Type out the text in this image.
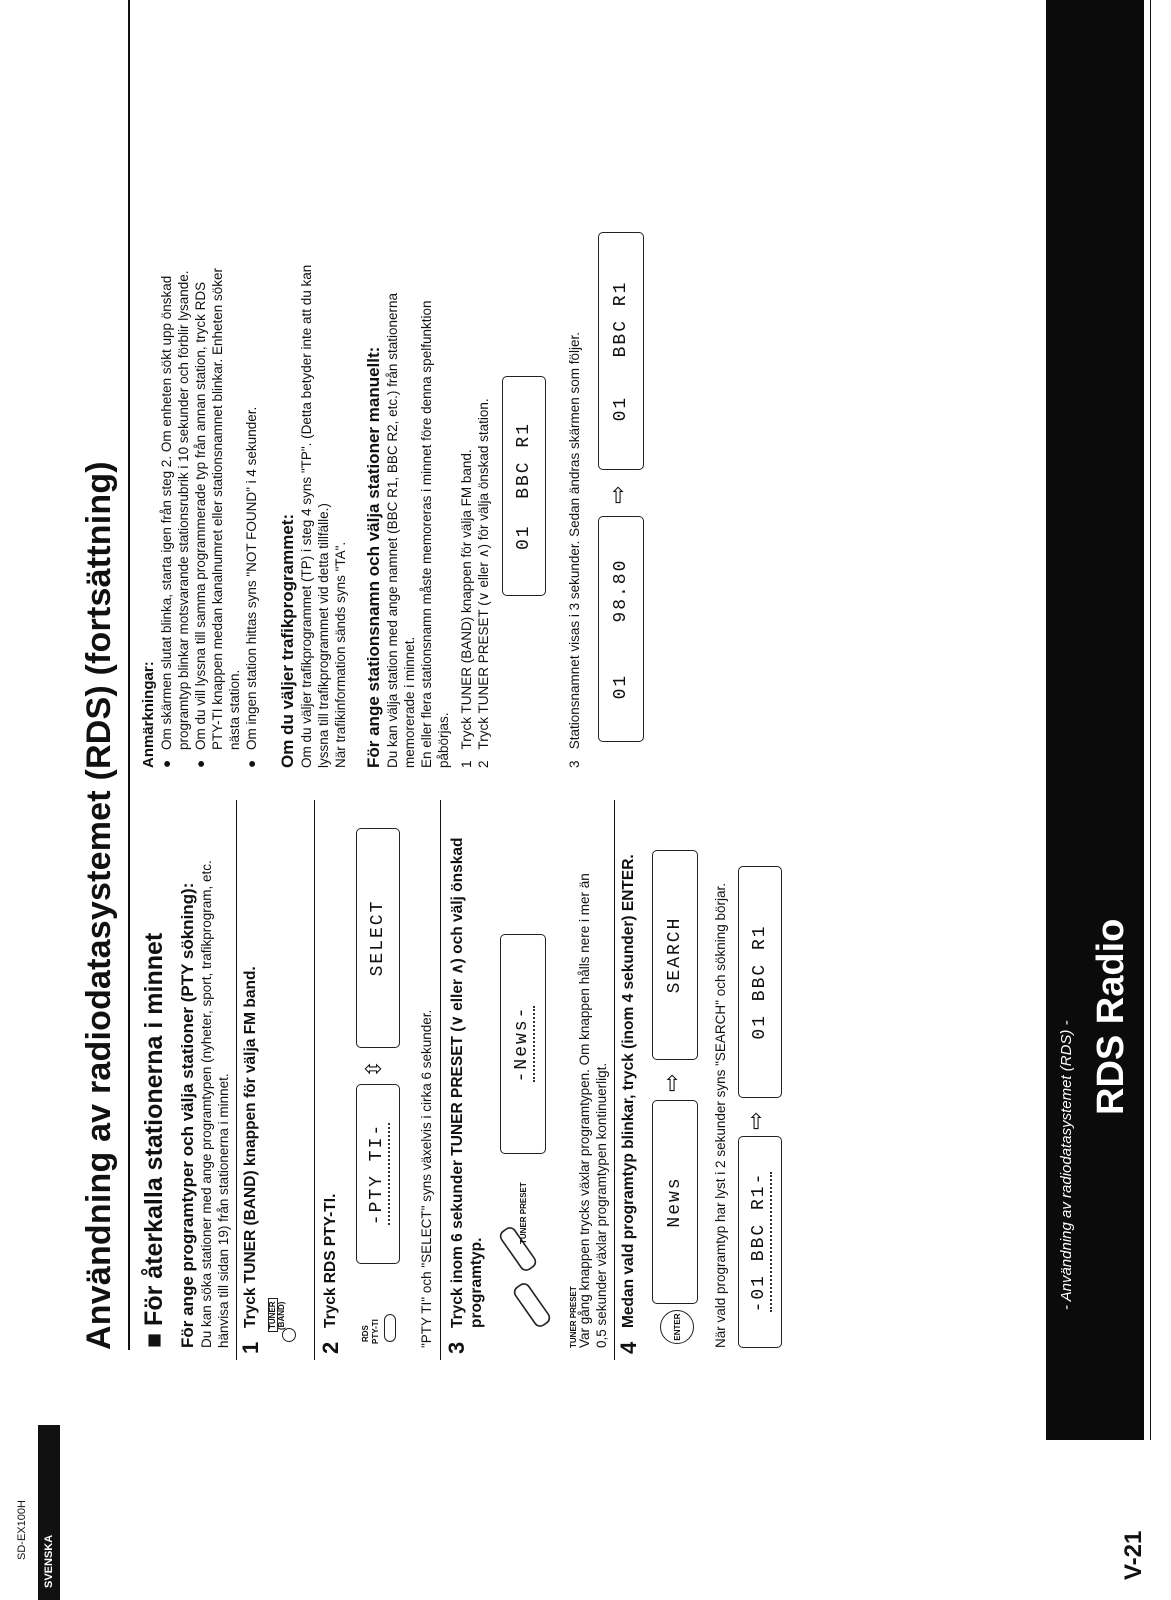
SD-EX100H
SVENSKA
- Användning av radiodatasystemet (RDS) -
RDS Radio
V-21
Användning av radiodatasystemet (RDS) (fortsättning) ■ För återkalla stationerna i minnet För ange programtyper och välja stationer (PTY sökning): Du kan söka stationer med ange programtypen (nyheter, sport, trafikprogram, etc. hänvisa till sidan 19) från stationerna i minnet. 1
Tryck TUNER (BAND) knappen för välja FM band. TUNER (BAND)
2
Tryck RDS PTY-TI.
RDS PTY-TI
-PTY TI-
⇳
SELECT
"PTY TI" och "SELECT" syns växelvis i cirka 6 sekunder. 3
Tryck inom 6 sekunder TUNER PRESET (∨ eller ∧) och välj önskad programtyp.	TUNER PRESET
TUNER PRESET
-News-	Var gång knappen trycks växlar programtypen. Om knappen hålls nere i mer än 0,5 sekunder växlar programtypen kontinuerligt. 4
Medan vald programtyp blinkar, tryck (inom 4 sekunder) ENTER.	ENTER
News
⇨
SEARCH När vald programtyp har lyst i 2 sekunder syns "SEARCH" och sökning börjar. -01 BBC R1-
⇨
01 BBC R1
Anmärkningar: ●
Om skärmen slutat blinka, starta igen från steg 2. Om enheten sökt upp önskad programtyp blinkar motsvarande stationsrubrik i 10 sekunder och förblir lysande.
●
Om du vill lyssna till samma programmerade typ från annan station, tryck RDS PTY-TI knappen medan kanalnumret eller stationsnamnet blinkar. Enheten söker nästa station.
●
Om ingen station hittas syns "NOT FOUND" i 4 sekunder. Om du väljer trafikprogrammet: Om du väljer trafikprogrammet (TP) i steg 4 syns "TP". (Detta betyder inte att du kan lyssna till trafikprogrammet vid detta tillfälle.) När trafikinformation sänds syns "TA". För ange stationsnamn och välja stationer manuellt: Du kan välja station med ange namnet (BBC R1, BBC R2, etc.) från stationerna memorerade i minnet. En eller flera stationsnamn måste memoreras i minnet före denna spelfunktion påbörjas. 1   Tryck TUNER (BAND) knappen för välja FM band. 2   Tryck TUNER PRESET (∨ eller ∧) för välja önskad station. 01  BBC R1 3   Stationsnamnet visas i 3 sekunder. Sedan ändras skärmen som följer. 01    98.80
⇨
01   BBC R1
